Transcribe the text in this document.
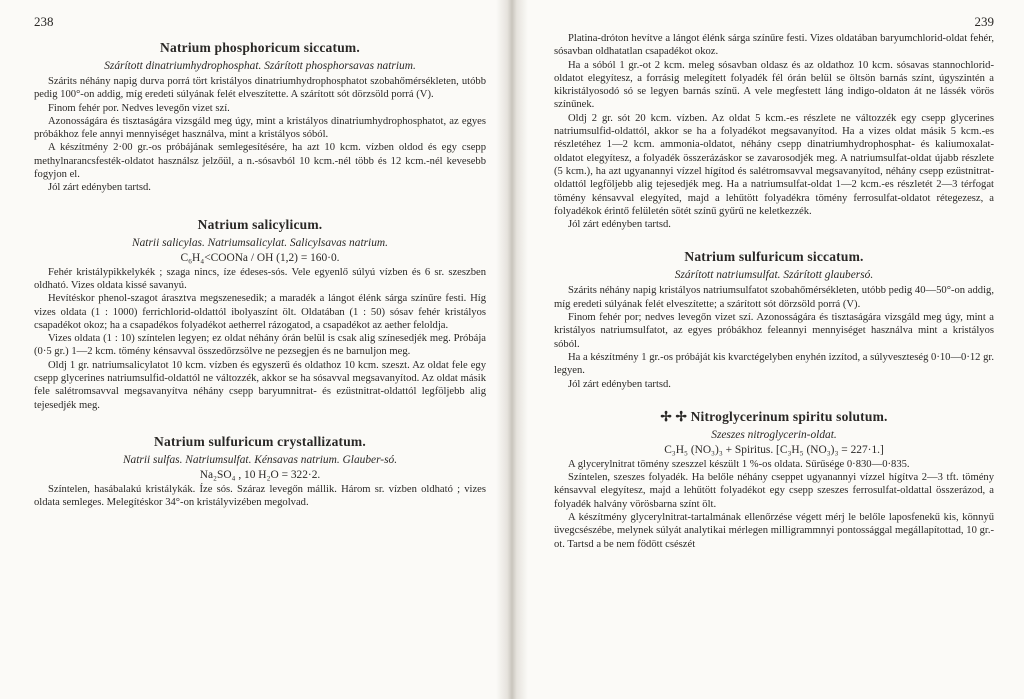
238
Natrium phosphoricum siccatum.
Szárított dinatriumhydrophosphat. Szárított phosphorsavas natrium.

Szárits néhány napig durva porrá tört kristályos dinatriumhydrophosphatot szobahőmérsékleten, utóbb pedig 100°-on addig, míg eredeti súlyának felét elveszítette. A szárított sót dörzsöld porrá (V).

Finom fehér por. Nedves levegőn vizet szí.

Azonosságára és tisztaságára vizsgáld meg úgy, mint a kristályos dinatriumhydrophosphatot, az egyes próbákhoz fele annyi mennyiséget használva, mint a kristályos sóból.

A készítmény 2·00 gr.-os próbájának semlegesítésére, ha azt 10 kcm. vízben oldod és egy csepp methylnarancsfesték-oldatot használsz jelzőül, a n.-sósavból 10 kcm.-nél több és 12 kcm.-nél kevesebb fogyjon el.

Jól zárt edényben tartsd.

Natrium salicylicum.
Natrii salicylas. Natriumsalicylat. Salicylsavas natrium.
C₆H₄<COONa / OH (1,2) = 160·0.

Fehér kristálypikkelykék ; szaga nincs, íze édeses-sós. Vele egyenlő súlyú vízben és 6 sr. szeszben oldható. Vizes oldata kissé savanyú.

Hevítéskor phenol-szagot árasztva megszenesedik; a maradék a lángot élénk sárga színűre festi. Híg vizes oldata (1 : 1000) ferrichlorid-oldattól ibolyaszínt ölt. Oldatában (1 : 50) sósav fehér kristályos csapadékot okoz; ha a csapadékos folyadékot aetherrel rázogatod, a csapadékot az aether feloldja.

Vizes oldata (1 : 10) színtelen legyen; ez oldat néhány órán belül is csak alig színesedjék meg. Próbája (0·5 gr.) 1—2 kcm. tömény kénsavval összedörzsölve ne pezsegjen és ne barnuljon meg.

Oldj 1 gr. natriumsalicylatot 10 kcm. vízben és egyszerű és oldathoz 10 kcm. szeszt. Az oldat fele egy csepp glycerines natriumsulfid-oldattól ne változzék, akkor se ha sósavval megsavanyítod. Az oldat másik fele salétromsavval megsavanyítva néhány csepp baryumnitrat- és ezüstnitrat-oldattól legföljebb alig tejesedjék meg.

Natrium sulfuricum crystallizatum.
Natrii sulfas. Natriumsulfat. Kénsavas natrium. Glauber-só.
Na₂SO₄ , 10 H₂O = 322·2.

Színtelen, hasábalakú kristálykák. Íze sós. Száraz levegőn mállik. Három sr. vízben oldható ; vizes oldata semleges. Melegítéskor 34°-on kristályvizében megolvad.

239

Platina-dróton hevítve a lángot élénk sárga színűre festi. Vizes oldatában baryumchlorid-oldat fehér, sósavban oldhatatlan csapadékot okoz.

Ha a sóból 1 gr.-ot 2 kcm. meleg sósavban oldasz és az oldathoz 10 kcm. sósavas stannochlorid-oldatot elegyítesz, a forrásig melegített folyadék fél órán belül se öltsön barnás színt, úgyszintén a kikristályosodó só se legyen barnás színű. A vele megfestett láng indigo-oldaton át ne lássék vörös színűnek.

Oldj 2 gr. sót 20 kcm. vízben. Az oldat 5 kcm.-es részlete ne változzék egy csepp glycerines natriumsulfid-oldattól, akkor se ha a folyadékot megsavanyítod. Ha a vizes oldat másik 5 kcm.-es részletéhez 1—2 kcm. ammonia-oldatot, néhány csepp dinatriumhydrophosphat- és kaliumoxalat-oldatot elegyítesz, a folyadék összerázáskor se zavarosodjék meg. A natriumsulfat-oldat újabb részlete (5 kcm.), ha azt ugyanannyi vízzel hígítod és salétromsavval megsavanyítod, néhány csepp ezüstnitrat-oldattól legföljebb alig tejesedjék meg. Ha a natriumsulfat-oldat 1—2 kcm.-es részletét 2—3 térfogat tömény kénsavval elegyíted, majd a lehűtött folyadékra tömény ferrosulfat-oldatot rétegezesz, a folyadékok érintő felületén sötét színű gyűrű ne keletkezzék.

Jól zárt edényben tartsd.

Natrium sulfuricum siccatum.
Szárított natriumsulfat. Szárított glaubersó.

Szárits néhány napig kristályos natriumsulfatot szobahőmérsékleten, utóbb pedig 40—50°-on addig, míg eredeti súlyának felét elveszítette; a szárított sót dörzsöld porrá (V).

Finom fehér por; nedves levegőn vizet szí. Azonosságára és tisztaságára vizsgáld meg úgy, mint a kristályos natriumsulfatot, az egyes próbákhoz feleannyi mennyiséget használva mint a kristályos sóból.

Ha a készítmény 1 gr.-os próbáját kis kvarctégelyben enyhén izzítod, a súlyveszteség 0·10—0·12 gr. legyen.

Jól zárt edényben tartsd.

✢ ✢ Nitroglycerinum spiritu solutum.
Szeszes nitroglycerin-oldat.
C₃H₅ (NO₃)₃ + Spiritus. [C₃H₅ (NO₃)₃ = 227·1.]

A glycerylnitrat tömény szeszzel készült 1 %-os oldata. Sűrűsége 0·830—0·835.

Színtelen, szeszes folyadék. Ha belőle néhány cseppet ugyanannyi vízzel hígítva 2—3 tft. tömény kénsavval elegyítesz, majd a lehűtött folyadékot egy csepp szeszes ferrosulfat-oldattal összerázod, a folyadék halvány vörösbarna színt ölt.

A készítmény glycerylnitrat-tartalmának ellenőrzése végett mérj le belőle laposfenekű kis, könnyű üvegcsészébe, melynek súlyát analytikai mérlegen milligrammnyi pontossággal megállapítottad, 10 gr.-ot. Tartsd a be nem födött csészét
